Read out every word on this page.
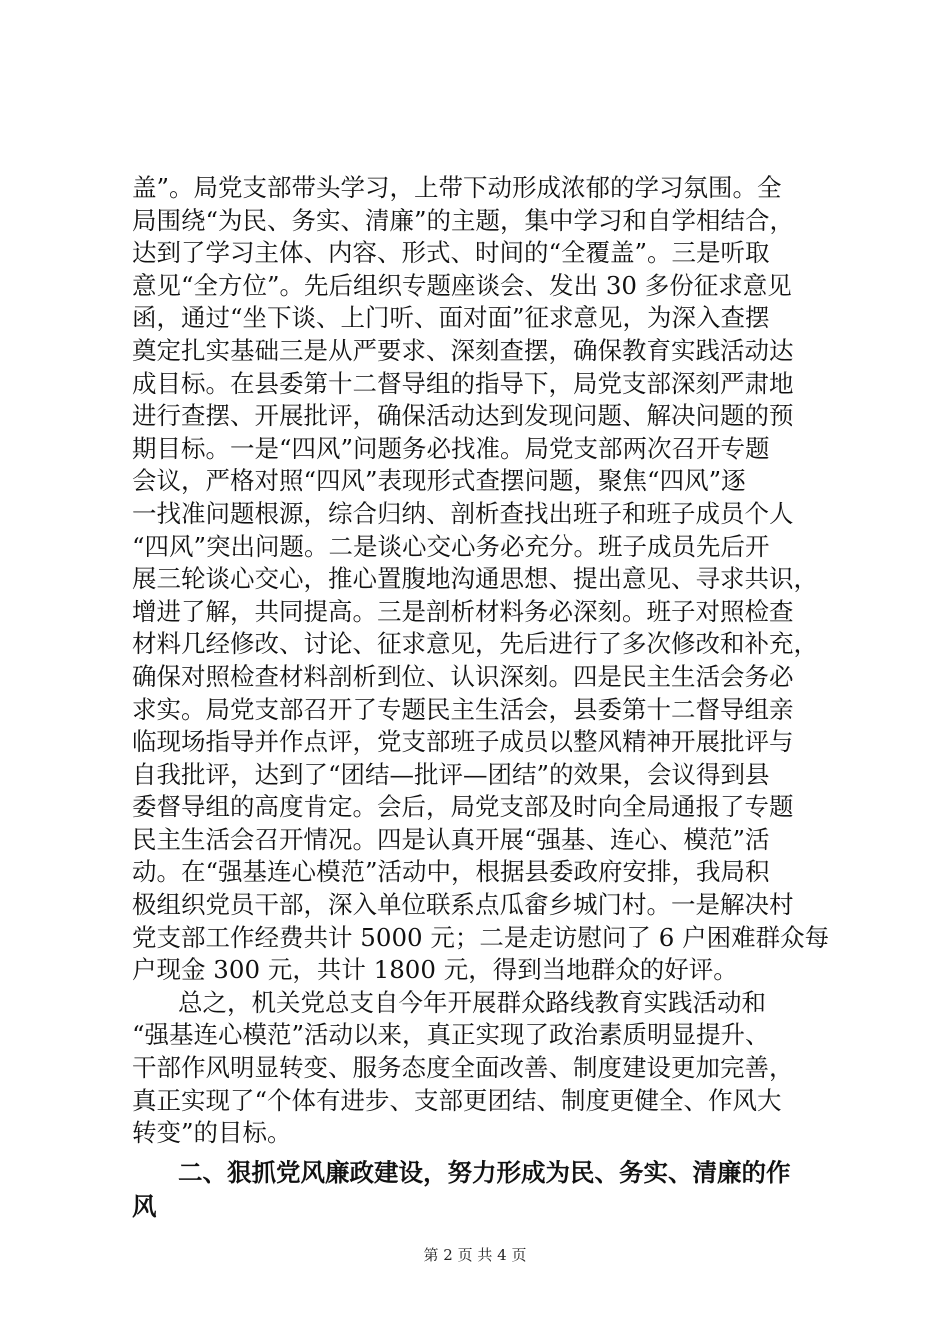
盖”。局党支部带头学习，上带下动形成浓郁的学习氛围。全
局围绕“为民、务实、清廉”的主题，集中学习和自学相结合，
达到了学习主体、内容、形式、时间的“全覆盖”。三是听取
意见“全方位”。先后组织专题座谈会、发出 30 多份征求意见
函，通过“坐下谈、上门听、面对面”征求意见，为深入查摆
奠定扎实基础三是从严要求、深刻查摆，确保教育实践活动达
成目标。在县委第十二督导组的指导下，局党支部深刻严肃地
进行查摆、开展批评，确保活动达到发现问题、解决问题的预
期目标。一是“四风”问题务必找准。局党支部两次召开专题
会议，严格对照“四风”表现形式查摆问题，聚焦“四风”逐
一找准问题根源，综合归纳、剖析查找出班子和班子成员个人
“四风”突出问题。二是谈心交心务必充分。班子成员先后开
展三轮谈心交心，推心置腹地沟通思想、提出意见、寻求共识，
增进了解，共同提高。三是剖析材料务必深刻。班子对照检查
材料几经修改、讨论、征求意见，先后进行了多次修改和补充，
确保对照检查材料剖析到位、认识深刻。四是民主生活会务必
求实。局党支部召开了专题民主生活会，县委第十二督导组亲
临现场指导并作点评，党支部班子成员以整风精神开展批评与
自我批评，达到了“团结—批评—团结”的效果，会议得到县
委督导组的高度肯定。会后，局党支部及时向全局通报了专题
民主生活会召开情况。四是认真开展“强基、连心、模范”活
动。在“强基连心模范”活动中，根据县委政府安排，我局积
极组织党员干部，深入单位联系点瓜畲乡城门村。一是解决村
党支部工作经费共计 5000 元；二是走访慰问了 6 户困难群众每
户现金 300 元，共计 1800 元，得到当地群众的好评。
总之，机关党总支自今年开展群众路线教育实践活动和
“强基连心模范”活动以来，真正实现了政治素质明显提升、
干部作风明显转变、服务态度全面改善、制度建设更加完善，
真正实现了“个体有进步、支部更团结、制度更健全、作风大
转变”的目标。
二、狠抓党风廉政建设，努力形成为民、务实、清廉的作
风
第 2 页 共 4 页
